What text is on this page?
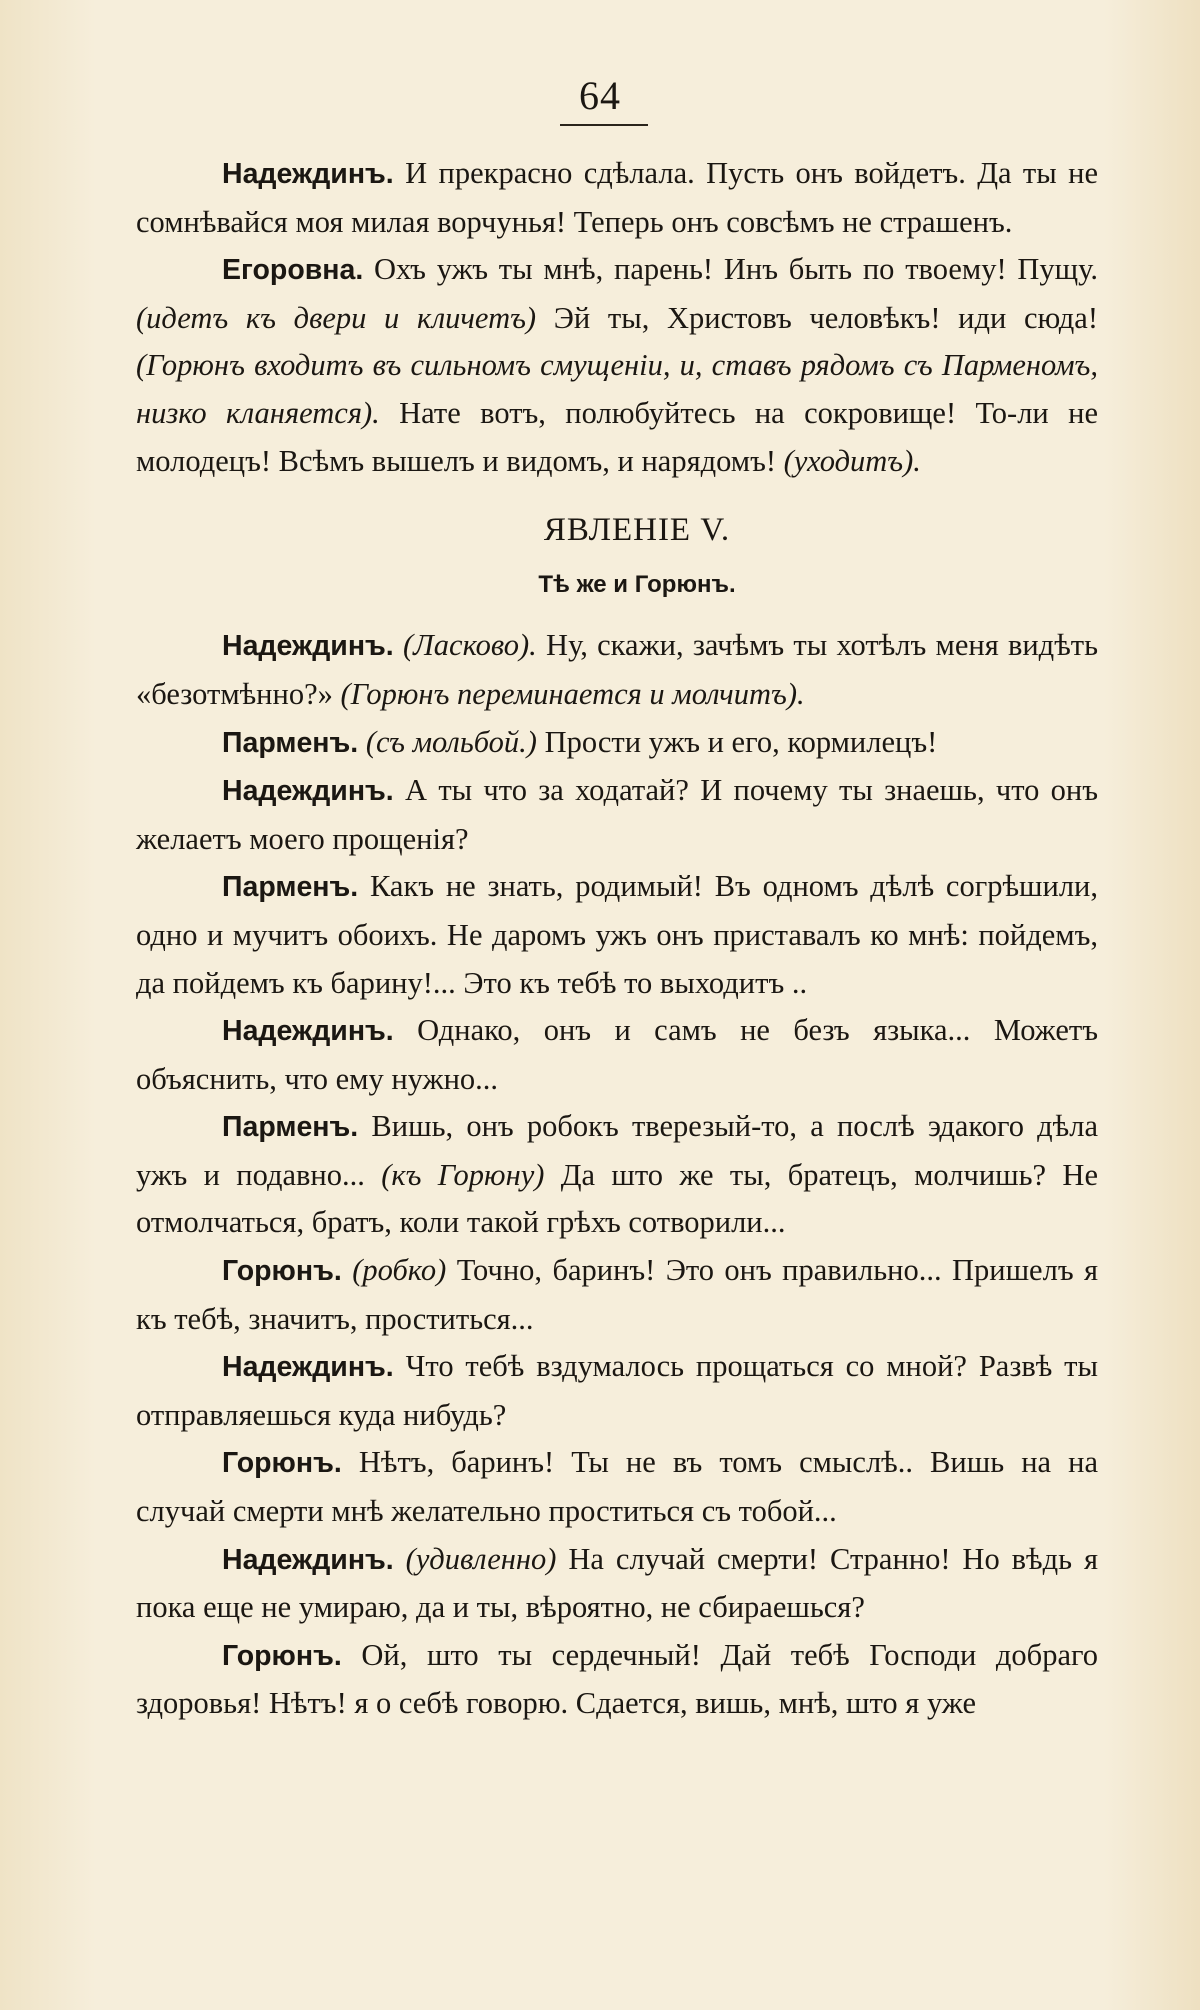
64

Надеждинъ. И прекрасно сдѣлала. Пусть онъ войдетъ. Да ты не сомнѣвайся моя милая ворчунья! Теперь онъ совсѣмъ не страшенъ.

Егоровна. Охъ ужъ ты мнѣ, парень! Инъ быть по твоему! Пущу. (идетъ къ двери и кличетъ) Эй ты, Христовъ человѣкъ! иди сюда! (Горюнъ входитъ въ сильномъ смущеніи, и, ставъ рядомъ съ Парменомъ, низко кланяется). Нате вотъ, полюбуйтесь на сокровище! То-ли не молодецъ! Всѣмъ вышелъ и видомъ, и нарядомъ! (уходитъ).

ЯВЛЕНІЕ V.

Тѣ же и Горюнъ.

Надеждинъ. (Ласково). Ну, скажи, зачѣмъ ты хотѣлъ меня видѣть «безотмѣнно?» (Горюнъ переминается и молчитъ).

Парменъ. (съ мольбой.) Прости ужъ и его, кормилецъ!

Надеждинъ. А ты что за ходатай? И почему ты знаешь, что онъ желаетъ моего прощенія?

Парменъ. Какъ не знать, родимый! Въ одномъ дѣлѣ согрѣшили, одно и мучитъ обоихъ. Не даромъ ужъ онъ приставалъ ко мнѣ: пойдемъ, да пойдемъ къ барину!... Это къ тебѣ то выходитъ ..

Надеждинъ. Однако, онъ и самъ не безъ языка... Можетъ объяснить, что ему нужно...

Парменъ. Вишь, онъ робокъ тверезый-то, а послѣ эдакого дѣла ужъ и подавно... (къ Горюну) Да што же ты, братецъ, молчишь? Не отмолчаться, братъ, коли такой грѣхъ сотворили...

Горюнъ. (робко) Точно, баринъ! Это онъ правильно... Пришелъ я къ тебѣ, значитъ, проститься...

Надеждинъ. Что тебѣ вздумалось прощаться со мной? Развѣ ты отправляешься куда нибудь?

Горюнъ. Нѣтъ, баринъ! Ты не въ томъ смыслѣ.. Вишь на на случай смерти мнѣ желательно проститься съ тобой...

Надеждинъ. (удивленно) На случай смерти! Странно! Но вѣдь я пока еще не умираю, да и ты, вѣроятно, не сбираешься?

Горюнъ. Ой, што ты сердечный! Дай тебѣ Господи добраго здоровья! Нѣтъ! я о себѣ говорю. Сдается, вишь, мнѣ, што я уже
